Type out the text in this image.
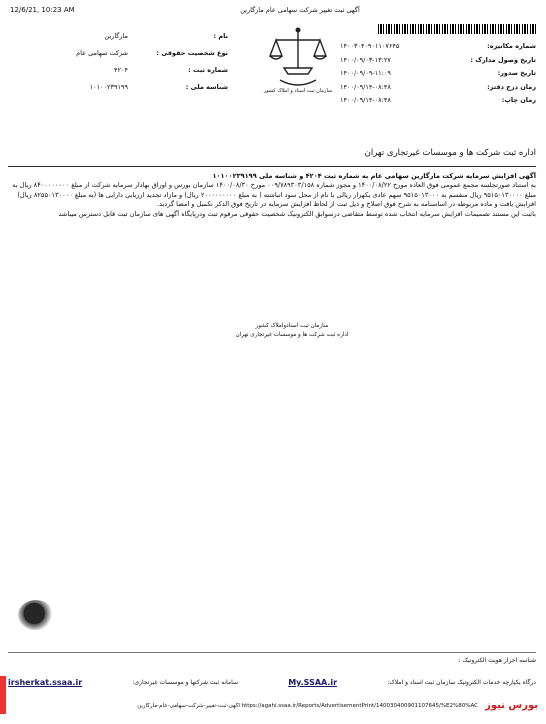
12/6/21, 10:23 AM	آگهی ثبت تغییر شرکت سهامی عام مارگارین
شماره مکانیزه:
۱۴۰۰۳۰۴۰۹۰۱۱۰۷۶۴۵
تاریخ وصول مدارک :
۱۴۰۰/۰۹/۰۳-۱۳:۲۷
تاریخ صدور:
۱۴۰۰/۰۹/۰۹-۱۱:۰۹
زمان درج دفتر:
۱۴۰۰/۰۹/۱۴-۰۸:۴۸
زمان چاپ:
۱۴۰۰/۰۹/۱۴-۰۸:۴۸
سازمان ثبت اسناد و املاک کشور
نام :
مارگارین
نوع شخصیت حقوقی :
شرکت سهامی عام
شماره ثبت :
۴۲۰۴
شناسه ملی :
۱۰۱۰۰۲۳۹۱۹۹
اداره ثبت شرکت ها و موسسات غیرتجاری تهران

آگهی افزایش سرمایه شرکت مارگارین سهامی عام به شماره ثبت ۴۲۰۴ و شناسه ملی ۱۰۱۰۰۲۳۹۱۹۹

به استناد صورتجلسه مجمع عمومی فوق العاده مورخ ۱۴۰۰/۰۸/۲۲ و مجوز شماره ۰۰۹/۷۸۹۳۰۳/۱۵۸ مورخ ۱۴۰۰/۰۸/۳۰ سازمان بورس و اوراق بهادار سرمایه شرکت از مبلغ ۸۴۰۰۰۰۰۰۰۰ ریال به مبلغ ۹۵۱۵۰۱۳۰۰۰۰ ریال منقسم به ۹۵۱۵۰۱۳۰۰۰ سهم عادی یکهزار ریالی با نام از محل سود انباشته ( به مبلغ ۲۰۰۰۰۰۰۰۰۰ ریال) و مازاد تجدید ارزیابی دارایی ها (به مبلغ ۸۲۵۵۰۱۳۰۰۰۰ ریال) افزایش یافت و ماده مربوطه در اساسنامه به شرح فوق اصلاح و ذیل ثبت از لحاظ افزایش سرمایه در تاریخ فوق الذکر تکمیل و امضا گردید.

باثبت این مستند تصمیمات افزایش سرمایه انتخاب شده توسط متقاضی درسوابق الکترونیک شخصیت حقوقی مرقوم ثبت ودرپایگاه آگهی های سازمان ثبت قابل دسترس میباشد

سازمان ثبت اسنادواملاک کشور
اداره ثبت شرکت ها و موسسات غیرتجاری تهران
شناسه احراز هویت الکترونیک :
irsherkat.ssaa.ir	سامانه ثبت شرکتها و موسسات غیرتجاری:	My.SSAA.ir	درگاه یکپارچه خدمات الکترونیک سازمان ثبت اسناد و املاک:
https://agahi.ssaa.ir/Reports/AdvertisementPrint/14003040090110764​5/%E2%80%AC آگهی-ثبت-تغییر-شرکت-سهامی-عام-مارگارین بورس نیوز
